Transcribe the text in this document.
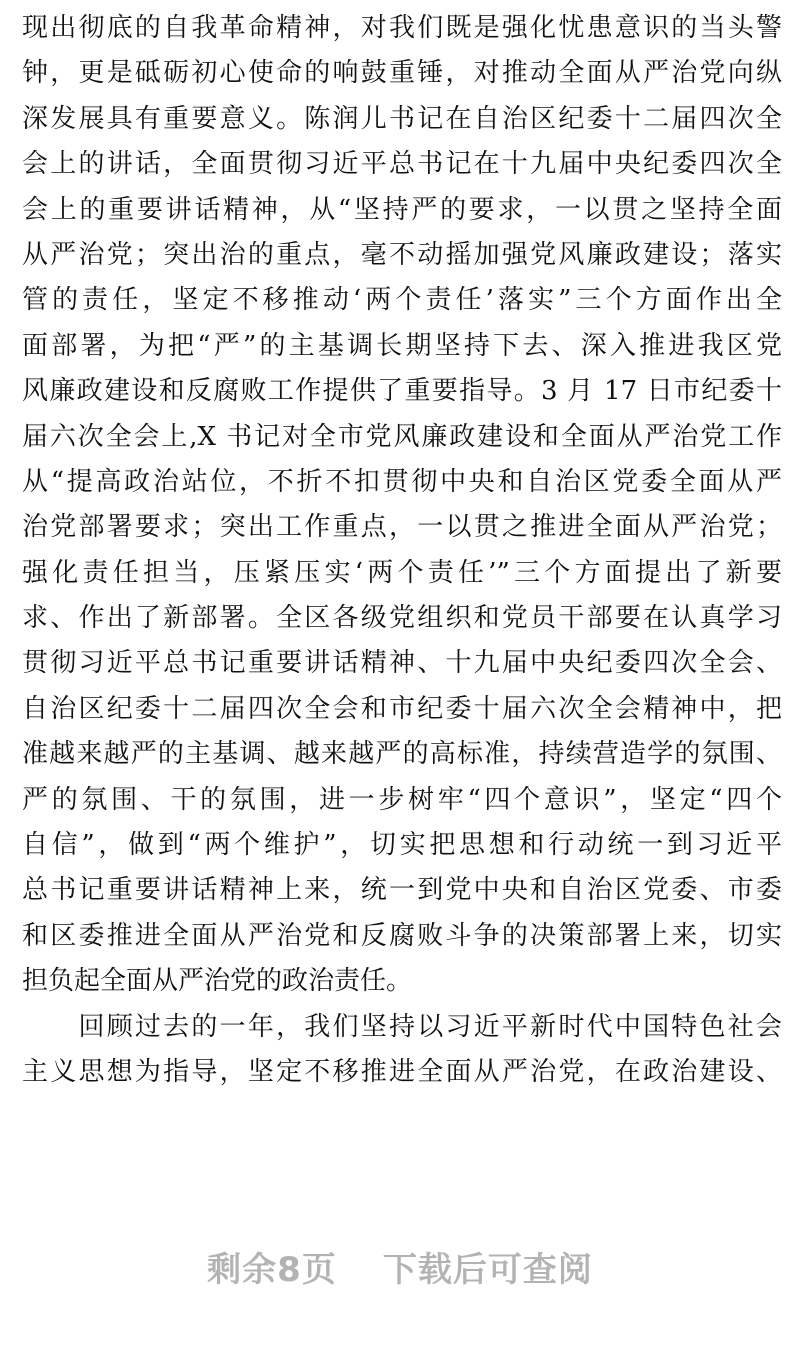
现出彻底的自我革命精神，对我们既是强化忧患意识的当头警
钟，更是砥砺初心使命的响鼓重锤，对推动全面从严治党向纵
深发展具有重要意义。陈润儿书记在自治区纪委十二届四次全
会上的讲话，全面贯彻习近平总书记在十九届中央纪委四次全
会上的重要讲话精神，从“坚持严的要求，一以贯之坚持全面
从严治党；突出治的重点，毫不动摇加强党风廉政建设；落实
管的责任，坚定不移推动‘两个责任’落实”三个方面作出全
面部署，为把“严”的主基调长期坚持下去、深入推进我区党
风廉政建设和反腐败工作提供了重要指导。3 月 17 日市纪委十
届六次全会上,X 书记对全市党风廉政建设和全面从严治党工作
从“提高政治站位，不折不扣贯彻中央和自治区党委全面从严
治党部署要求；突出工作重点，一以贯之推进全面从严治党；
强化责任担当，压紧压实‘两个责任’”三个方面提出了新要
求、作出了新部署。全区各级党组织和党员干部要在认真学习
贯彻习近平总书记重要讲话精神、十九届中央纪委四次全会、
自治区纪委十二届四次全会和市纪委十届六次全会精神中，把
准越来越严的主基调、越来越严的高标准，持续营造学的氛围、
严的氛围、干的氛围，进一步树牢“四个意识”，坚定“四个
自信”，做到“两个维护”，切实把思想和行动统一到习近平
总书记重要讲话精神上来，统一到党中央和自治区党委、市委
和区委推进全面从严治党和反腐败斗争的决策部署上来，切实
担负起全面从严治党的政治责任。
　　回顾过去的一年，我们坚持以习近平新时代中国特色社会
主义思想为指导，坚定不移推进全面从严治党，在政治建设、
剩余8页 下载后可查阅
